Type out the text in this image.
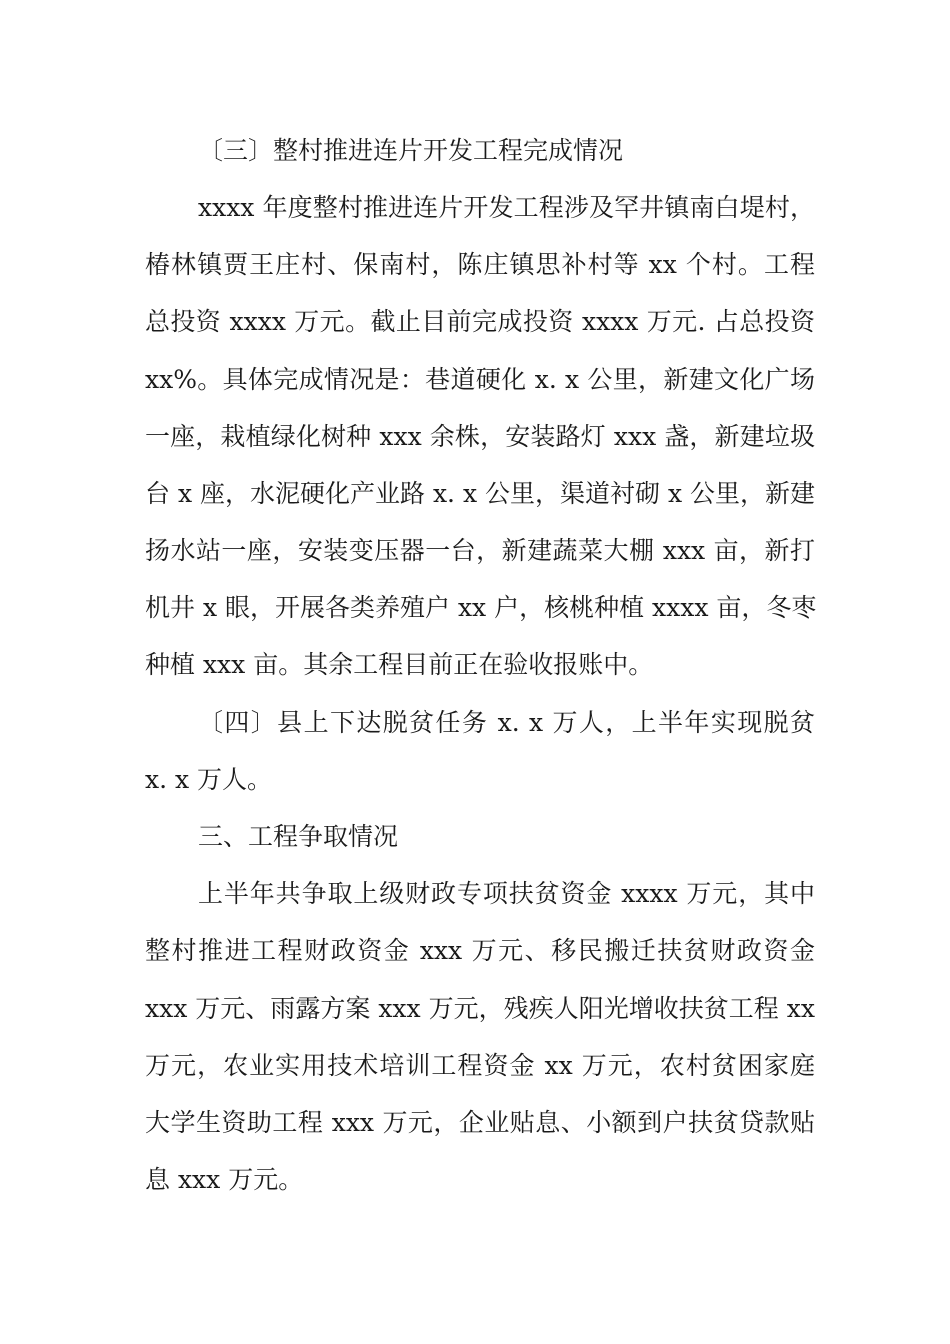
〔三〕整村推进连片开发工程完成情况
xxxx 年度整村推进连片开发工程涉及罕井镇南白堤村，
椿林镇贾王庄村、保南村，陈庄镇思补村等 xx 个村。工程
总投资 xxxx 万元。截止目前完成投资 xxxx 万元. 占总投资
xx%。具体完成情况是：巷道硬化 x. x 公里，新建文化广场
一座，栽植绿化树种 xxx 余株，安装路灯 xxx 盏，新建垃圾
台 x 座，水泥硬化产业路 x. x 公里，渠道衬砌 x 公里，新建
扬水站一座，安装变压器一台，新建蔬菜大棚 xxx 亩，新打
机井 x 眼，开展各类养殖户 xx 户，核桃种植 xxxx 亩，冬枣
种植 xxx 亩。其余工程目前正在验收报账中。
〔四〕县上下达脱贫任务 x. x 万人，上半年实现脱贫
x. x 万人。
三、工程争取情况
上半年共争取上级财政专项扶贫资金 xxxx 万元，其中
整村推进工程财政资金 xxx 万元、移民搬迁扶贫财政资金
xxx 万元、雨露方案 xxx 万元，残疾人阳光增收扶贫工程 xx
万元，农业实用技术培训工程资金 xx 万元，农村贫困家庭
大学生资助工程 xxx 万元，企业贴息、小额到户扶贫贷款贴
息 xxx 万元。
